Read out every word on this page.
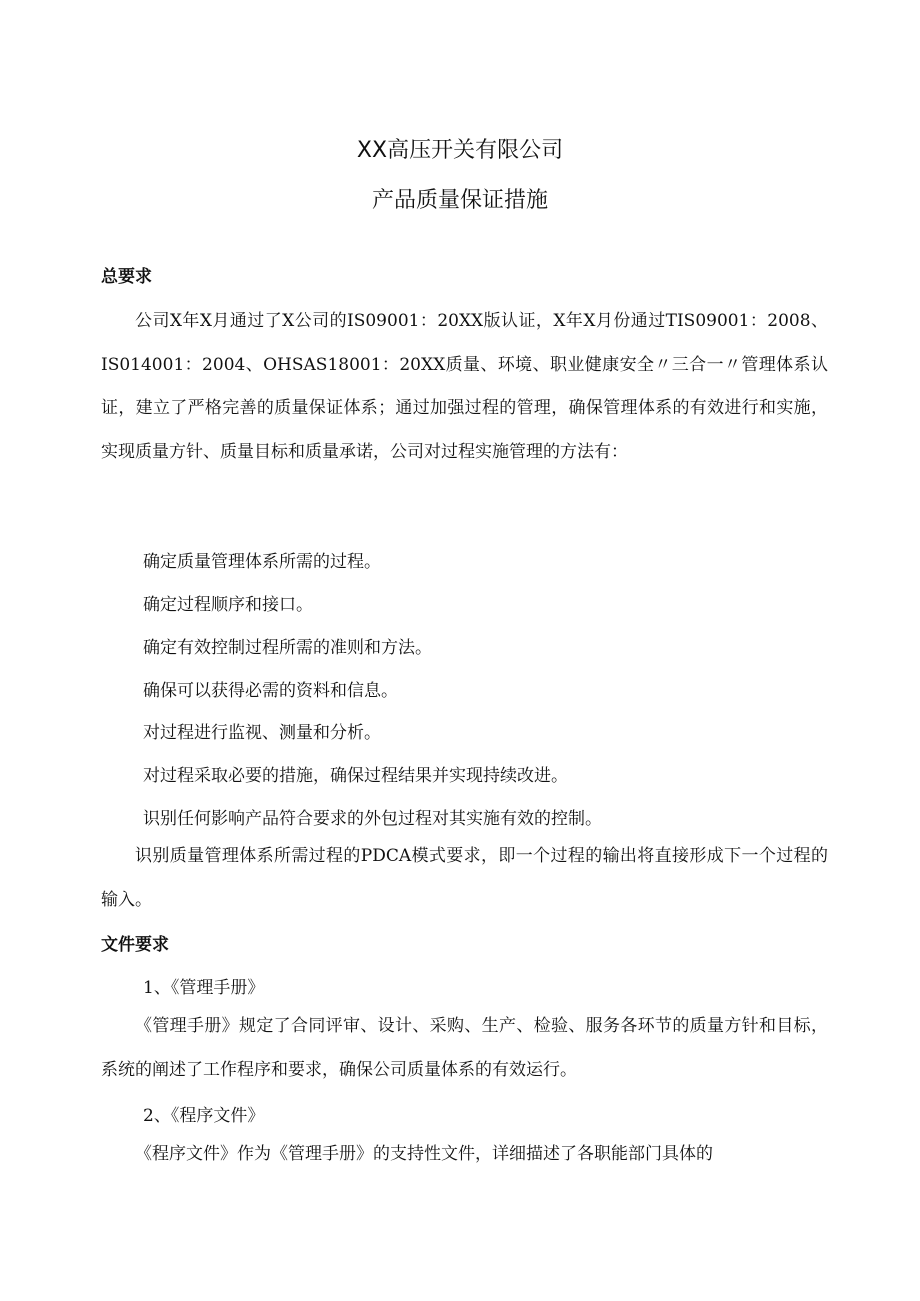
XX高压开关有限公司
产品质量保证措施
总要求

公司X年X月通过了X公司的IS09001：20XX版认证，X年X月份通过TIS09001：2008、IS014001：2004、OHSAS18001：20XX质量、环境、职业健康安全〃三合一〃管理体系认证，建立了严格完善的质量保证体系；通过加强过程的管理，确保管理体系的有效进行和实施，实现质量方针、质量目标和质量承诺，公司对过程实施管理的方法有：

确定质量管理体系所需的过程。

确定过程顺序和接口。

确定有效控制过程所需的准则和方法。

确保可以获得必需的资料和信息。

对过程进行监视、测量和分析。

对过程采取必要的措施，确保过程结果并实现持续改进。

识别任何影响产品符合要求的外包过程对其实施有效的控制。

识别质量管理体系所需过程的PDCA模式要求，即一个过程的输出将直接形成下一个过程的输入。

文件要求

1、《管理手册》

《管理手册》规定了合同评审、设计、采购、生产、检验、服务各环节的质量方针和目标，系统的阐述了工作程序和要求，确保公司质量体系的有效运行。

2、《程序文件》

《程序文件》作为《管理手册》的支持性文件，详细描述了各职能部门具体的
